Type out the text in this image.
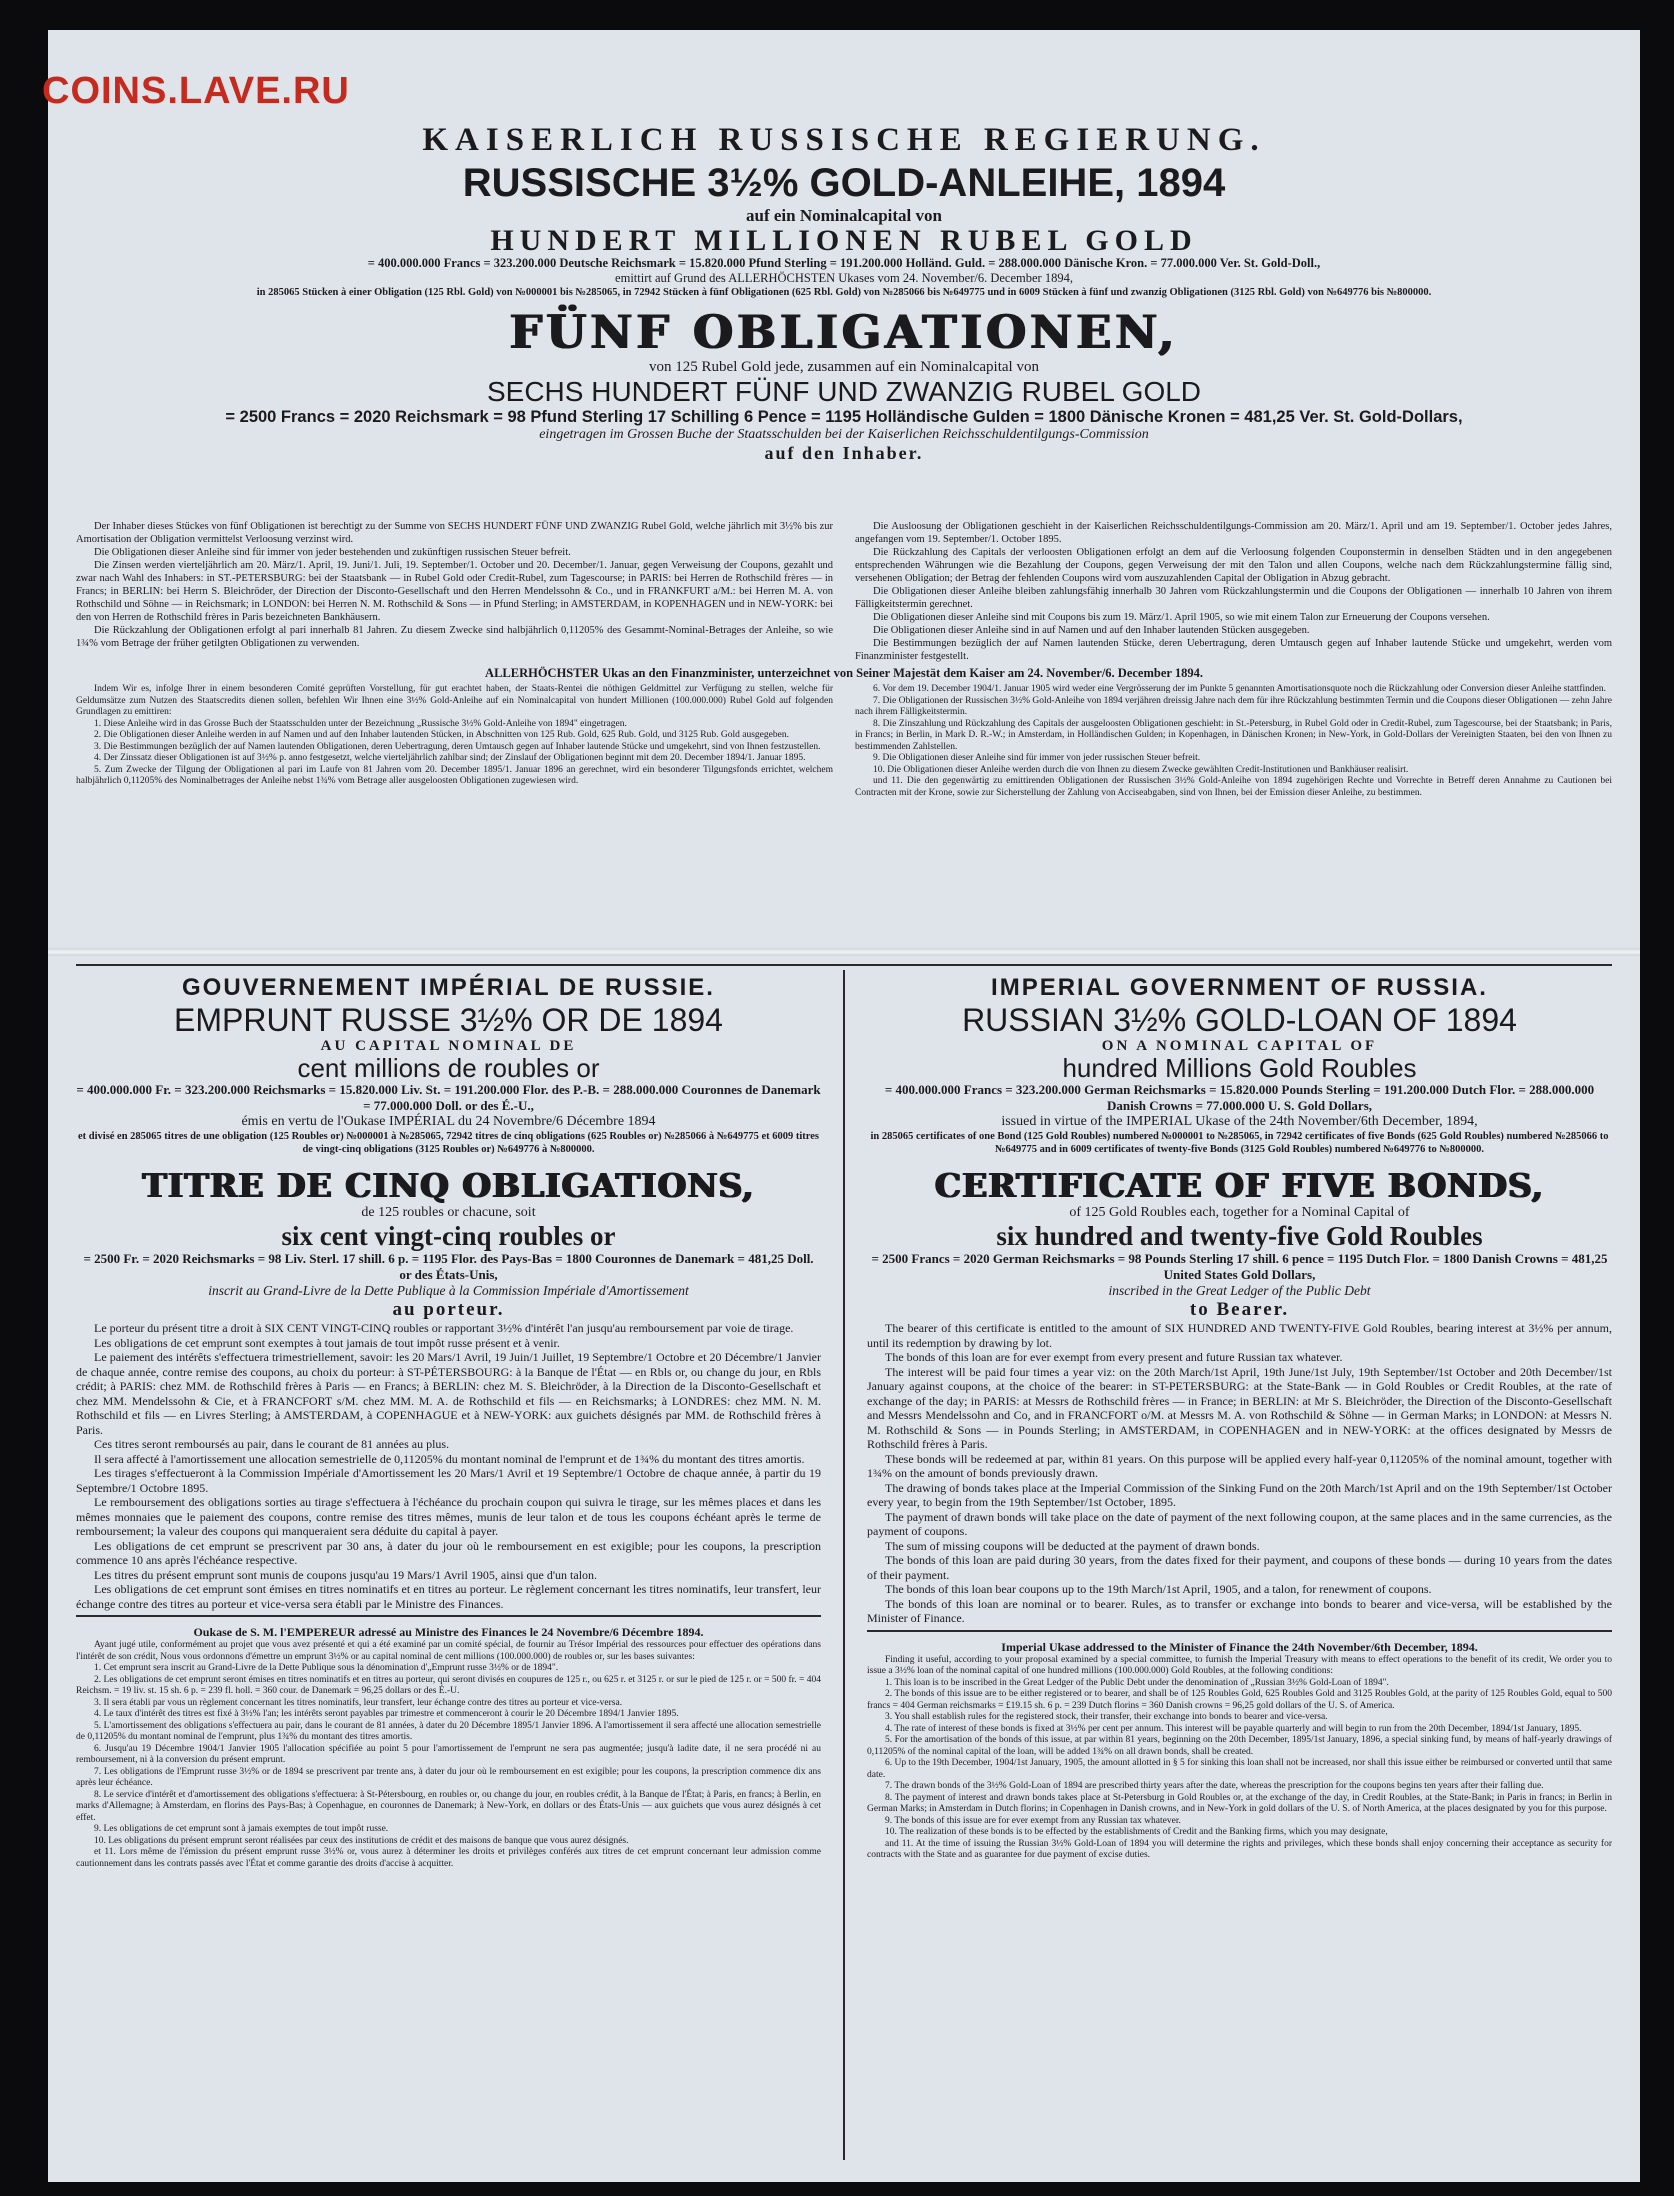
COINS.LAVE.RU
KAISERLICH RUSSISCHE REGIERUNG.
RUSSISCHE 3½% GOLD-ANLEIHE, 1894
auf ein Nominalcapital von
HUNDERT MILLIONEN RUBEL GOLD
= 400.000.000 Francs = 323.200.000 Deutsche Reichsmark = 15.820.000 Pfund Sterling = 191.200.000 Holländ. Guld. = 288.000.000 Dänische Kron. = 77.000.000 Ver. St. Gold-Doll.,
emittirt auf Grund des ALLERHÖCHSTEN Ukases vom 24. November/6. December 1894,
in 285065 Stücken à einer Obligation (125 Rbl. Gold) von №000001 bis №285065, in 72942 Stücken à fünf Obligationen (625 Rbl. Gold) von №285066 bis №649775 und in 6009 Stücken à fünf und zwanzig Obligationen (3125 Rbl. Gold) von №649776 bis №800000.
FÜNF OBLIGATIONEN,
von 125 Rubel Gold jede, zusammen auf ein Nominalcapital von
SECHS HUNDERT FÜNF UND ZWANZIG RUBEL GOLD
= 2500 Francs = 2020 Reichsmark = 98 Pfund Sterling 17 Schilling 6 Pence = 1195 Holländische Gulden = 1800 Dänische Kronen = 481,25 Ver. St. Gold-Dollars,
eingetragen im Grossen Buche der Staatsschulden bei der Kaiserlichen Reichsschuldentilgungs-Commission
auf den Inhaber.

Der Inhaber dieses Stückes von fünf Obligationen ist berechtigt zu der Summe von SECHS HUNDERT FÜNF UND ZWANZIG Rubel Gold, welche jährlich mit 3½% bis zur Amortisation der Obligation vermittelst Verloosung verzinst wird.

Die Obligationen dieser Anleihe sind für immer von jeder bestehenden und zukünftigen russischen Steuer befreit.

Die Zinsen werden vierteljährlich am 20. März/1. April, 19. Juni/1. Juli, 19. September/1. October und 20. December/1. Januar, gegen Verweisung der Coupons, gezahlt und zwar nach Wahl des Inhabers: in ST.-PETERSBURG: bei der Staatsbank — in Rubel Gold oder Credit-Rubel, zum Tagescourse; in PARIS: bei Herren de Rothschild frères — in Francs; in BERLIN: bei Herrn S. Bleichröder, der Direction der Disconto-Gesellschaft und den Herren Mendelssohn & Co., und in FRANKFURT a/M.: bei Herren M. A. von Rothschild und Söhne — in Reichsmark; in LONDON: bei Herren N. M. Rothschild & Sons — in Pfund Sterling; in AMSTERDAM, in KOPENHAGEN und in NEW-YORK: bei den von Herren de Rothschild frères in Paris bezeichneten Bankhäusern.

Die Rückzahlung der Obligationen erfolgt al pari innerhalb 81 Jahren. Zu diesem Zwecke sind halbjährlich 0,11205% des Gesammt-Nominal-Betrages der Anleihe, so wie 1¾% vom Betrage der früher getilgten Obligationen zu verwenden.

Die Ausloosung der Obligationen geschieht in der Kaiserlichen Reichsschuldentilgungs-Commission am 20. März/1. April und am 19. September/1. October jedes Jahres, angefangen vom 19. September/1. October 1895.

Die Rückzahlung des Capitals der verloosten Obligationen erfolgt an dem auf die Verloosung folgenden Couponstermin in denselben Städten und in den angegebenen entsprechenden Währungen wie die Bezahlung der Coupons, gegen Verweisung der mit den Talon und allen Coupons, welche nach dem Rückzahlungstermine fällig sind, versehenen Obligation; der Betrag der fehlenden Coupons wird vom auszuzahlenden Capital der Obligation in Abzug gebracht.

Die Obligationen dieser Anleihe bleiben zahlungsfähig innerhalb 30 Jahren vom Rückzahlungstermin und die Coupons der Obligationen — innerhalb 10 Jahren von ihrem Fälligkeitstermin gerechnet.

Die Obligationen dieser Anleihe sind mit Coupons bis zum 19. März/1. April 1905, so wie mit einem Talon zur Erneuerung der Coupons versehen.

Die Obligationen dieser Anleihe sind in auf Namen und auf den Inhaber lautenden Stücken ausgegeben.

Die Bestimmungen bezüglich der auf Namen lautenden Stücke, deren Uebertragung, deren Umtausch gegen auf Inhaber lautende Stücke und umgekehrt, werden vom Finanzminister festgestellt.

ALLERHÖCHSTER Ukas an den Finanzminister, unterzeichnet von Seiner Majestät dem Kaiser am 24. November/6. December 1894.

Indem Wir es, infolge Ihrer in einem besonderen Comité geprüften Vorstellung, für gut erachtet haben, der Staats-Rentei die nöthigen Geldmittel zur Verfügung zu stellen, welche für Geldumsätze zum Nutzen des Staatscredits dienen sollen, befehlen Wir Ihnen eine 3½% Gold-Anleihe auf ein Nominalcapital von hundert Millionen (100.000.000) Rubel Gold auf folgenden Grundlagen zu emittiren:

1. Diese Anleihe wird in das Grosse Buch der Staatsschulden unter der Bezeichnung „Russische 3½% Gold-Anleihe von 1894" eingetragen.

2. Die Obligationen dieser Anleihe werden in auf Namen und auf den Inhaber lautenden Stücken, in Abschnitten von 125 Rub. Gold, 625 Rub. Gold, und 3125 Rub. Gold ausgegeben.

3. Die Bestimmungen bezüglich der auf Namen lautenden Obligationen, deren Uebertragung, deren Umtausch gegen auf Inhaber lautende Stücke und umgekehrt, sind von Ihnen festzustellen.

4. Der Zinssatz dieser Obligationen ist auf 3½% p. anno festgesetzt, welche vierteljährlich zahlbar sind; der Zinslauf der Obligationen beginnt mit dem 20. December 1894/1. Januar 1895.

5. Zum Zwecke der Tilgung der Obligationen al pari im Laufe von 81 Jahren vom 20. December 1895/1. Januar 1896 an gerechnet, wird ein besonderer Tilgungsfonds errichtet, welchem halbjährlich 0,11205% des Nominalbetrages der Anleihe nebst 1¾% vom Betrage aller ausgeloosten Obligationen zugewiesen wird.

6. Vor dem 19. December 1904/1. Januar 1905 wird weder eine Vergrösserung der im Punkte 5 genannten Amortisationsquote noch die Rückzahlung oder Conversion dieser Anleihe stattfinden.

7. Die Obligationen der Russischen 3½% Gold-Anleihe von 1894 verjähren dreissig Jahre nach dem für ihre Rückzahlung bestimmten Termin und die Coupons dieser Obligationen — zehn Jahre nach ihrem Fälligkeitstermin.

8. Die Zinszahlung und Rückzahlung des Capitals der ausgeloosten Obligationen geschieht: in St.-Petersburg, in Rubel Gold oder in Credit-Rubel, zum Tagescourse, bei der Staatsbank; in Paris, in Francs; in Berlin, in Mark D. R.-W.; in Amsterdam, in Holländischen Gulden; in Kopenhagen, in Dänischen Kronen; in New-York, in Gold-Dollars der Vereinigten Staaten, bei den von Ihnen zu bestimmenden Zahlstellen.

9. Die Obligationen dieser Anleihe sind für immer von jeder russischen Steuer befreit.

10. Die Obligationen dieser Anleihe werden durch die von Ihnen zu diesem Zwecke gewählten Credit-Institutionen und Bankhäuser realisirt.

und 11. Die den gegenwärtig zu emittirenden Obligationen der Russischen 3½% Gold-Anleihe von 1894 zugehörigen Rechte und Vorrechte in Betreff deren Annahme zu Cautionen bei Contracten mit der Krone, sowie zur Sicherstellung der Zahlung von Acciseabgaben, sind von Ihnen, bei der Emission dieser Anleihe, zu bestimmen.

GOUVERNEMENT IMPÉRIAL DE RUSSIE.
EMPRUNT RUSSE 3½% OR DE 1894
AU CAPITAL NOMINAL DE
cent millions de roubles or
= 400.000.000 Fr. = 323.200.000 Reichsmarks = 15.820.000 Liv. St. = 191.200.000 Flor. des P.-B. = 288.000.000 Couronnes de Danemark = 77.000.000 Doll. or des É.-U.,
émis en vertu de l'Oukase IMPÉRIAL du 24 Novembre/6 Décembre 1894
et divisé en 285065 titres de une obligation (125 Roubles or) №000001 à №285065, 72942 titres de cinq obligations (625 Roubles or) №285066 à №649775 et 6009 titres de vingt-cinq obligations (3125 Roubles or) №649776 à №800000.
TITRE DE CINQ OBLIGATIONS,
de 125 roubles or chacune, soit
six cent vingt-cinq roubles or
= 2500 Fr. = 2020 Reichsmarks = 98 Liv. Sterl. 17 shill. 6 p. = 1195 Flor. des Pays-Bas = 1800 Couronnes de Danemark = 481,25 Doll. or des États-Unis,
inscrit au Grand-Livre de la Dette Publique à la Commission Impériale d'Amortissement
au porteur.

Le porteur du présent titre a droit à SIX CENT VINGT-CINQ roubles or rapportant 3½% d'intérêt l'an jusqu'au remboursement par voie de tirage.

Les obligations de cet emprunt sont exemptes à tout jamais de tout impôt russe présent et à venir.

Le paiement des intérêts s'effectuera trimestriellement, savoir: les 20 Mars/1 Avril, 19 Juin/1 Juillet, 19 Septembre/1 Octobre et 20 Décembre/1 Janvier de chaque année, contre remise des coupons, au choix du porteur: à ST-PÉTERSBOURG: à la Banque de l'État — en Rbls or, ou change du jour, en Rbls crédit; à PARIS: chez MM. de Rothschild frères à Paris — en Francs; à BERLIN: chez M. S. Bleichröder, à la Direction de la Disconto-Gesellschaft et chez MM. Mendelssohn & Cie, et à FRANCFORT s/M. chez MM. M. A. de Rothschild et fils — en Reichsmarks; à LONDRES: chez MM. N. M. Rothschild et fils — en Livres Sterling; à AMSTERDAM, à COPENHAGUE et à NEW-YORK: aux guichets désignés par MM. de Rothschild frères à Paris.

Ces titres seront remboursés au pair, dans le courant de 81 années au plus.

Il sera affecté à l'amortissement une allocation semestrielle de 0,11205% du montant nominal de l'emprunt et de 1¾% du montant des titres amortis.

Les tirages s'effectueront à la Commission Impériale d'Amortissement les 20 Mars/1 Avril et 19 Septembre/1 Octobre de chaque année, à partir du 19 Septembre/1 Octobre 1895.

Le remboursement des obligations sorties au tirage s'effectuera à l'échéance du prochain coupon qui suivra le tirage, sur les mêmes places et dans les mêmes monnaies que le paiement des coupons, contre remise des titres mêmes, munis de leur talon et de tous les coupons échéant après le terme de remboursement; la valeur des coupons qui manqueraient sera déduite du capital à payer.

Les obligations de cet emprunt se prescrivent par 30 ans, à dater du jour où le remboursement en est exigible; pour les coupons, la prescription commence 10 ans après l'échéance respective.

Les titres du présent emprunt sont munis de coupons jusqu'au 19 Mars/1 Avril 1905, ainsi que d'un talon.

Les obligations de cet emprunt sont émises en titres nominatifs et en titres au porteur. Le règlement concernant les titres nominatifs, leur transfert, leur échange contre des titres au porteur et vice-versa sera établi par le Ministre des Finances.

Oukase de S. M. l'EMPEREUR adressé au Ministre des Finances le 24 Novembre/6 Décembre 1894.

Ayant jugé utile, conformément au projet que vous avez présenté et qui a été examiné par un comité spécial, de fournir au Trésor Impérial des ressources pour effectuer des opérations dans l'intérêt de son crédit, Nous vous ordonnons d'émettre un emprunt 3½% or au capital nominal de cent millions (100.000.000) de roubles or, sur les bases suivantes:

1. Cet emprunt sera inscrit au Grand-Livre de la Dette Publique sous la dénomination d'„Emprunt russe 3½% or de 1894".

2. Les obligations de cet emprunt seront émises en titres nominatifs et en titres au porteur, qui seront divisés en coupures de 125 r., ou 625 r. et 3125 r. or sur le pied de 125 r. or = 500 fr. = 404 Reichsm. = 19 liv. st. 15 sh. 6 p. = 239 fl. holl. = 360 cour. de Danemark = 96,25 dollars or des É.-U.

3. Il sera établi par vous un règlement concernant les titres nominatifs, leur transfert, leur échange contre des titres au porteur et vice-versa.

4. Le taux d'intérêt des titres est fixé à 3½% l'an; les intérêts seront payables par trimestre et commenceront à courir le 20 Décembre 1894/1 Janvier 1895.

5. L'amortissement des obligations s'effectuera au pair, dans le courant de 81 années, à dater du 20 Décembre 1895/1 Janvier 1896. A l'amortissement il sera affecté une allocation semestrielle de 0,11205% du montant nominal de l'emprunt, plus 1¾% du montant des titres amortis.

6. Jusqu'au 19 Décembre 1904/1 Janvier 1905 l'allocation spécifiée au point 5 pour l'amortissement de l'emprunt ne sera pas augmentée; jusqu'à ladite date, il ne sera procédé ni au remboursement, ni à la conversion du présent emprunt.

7. Les obligations de l'Emprunt russe 3½% or de 1894 se prescrivent par trente ans, à dater du jour où le remboursement en est exigible; pour les coupons, la prescription commence dix ans après leur échéance.

8. Le service d'intérêt et d'amortissement des obligations s'effectuera: à St-Pétersbourg, en roubles or, ou change du jour, en roubles crédit, à la Banque de l'État; à Paris, en francs; à Berlin, en marks d'Allemagne; à Amsterdam, en florins des Pays-Bas; à Copenhague, en couronnes de Danemark; à New-York, en dollars or des États-Unis — aux guichets que vous aurez désignés à cet effet.

9. Les obligations de cet emprunt sont à jamais exemptes de tout impôt russe.

10. Les obligations du présent emprunt seront réalisées par ceux des institutions de crédit et des maisons de banque que vous aurez désignés.

et 11. Lors même de l'émission du présent emprunt russe 3½% or, vous aurez à déterminer les droits et privilèges conférés aux titres de cet emprunt concernant leur admission comme cautionnement dans les contrats passés avec l'État et comme garantie des droits d'accise à acquitter.

IMPERIAL GOVERNMENT OF RUSSIA.
RUSSIAN 3½% GOLD-LOAN OF 1894
ON A NOMINAL CAPITAL OF
hundred Millions Gold Roubles
= 400.000.000 Francs = 323.200.000 German Reichsmarks = 15.820.000 Pounds Sterling = 191.200.000 Dutch Flor. = 288.000.000 Danish Crowns = 77.000.000 U. S. Gold Dollars,
issued in virtue of the IMPERIAL Ukase of the 24th November/6th December, 1894,
in 285065 certificates of one Bond (125 Gold Roubles) numbered №000001 to №285065, in 72942 certificates of five Bonds (625 Gold Roubles) numbered №285066 to №649775 and in 6009 certificates of twenty-five Bonds (3125 Gold Roubles) numbered №649776 to №800000.
CERTIFICATE OF FIVE BONDS,
of 125 Gold Roubles each, together for a Nominal Capital of
six hundred and twenty-five Gold Roubles
= 2500 Francs = 2020 German Reichsmarks = 98 Pounds Sterling 17 shill. 6 pence = 1195 Dutch Flor. = 1800 Danish Crowns = 481,25 United States Gold Dollars,
inscribed in the Great Ledger of the Public Debt
to Bearer.

The bearer of this certificate is entitled to the amount of SIX HUNDRED AND TWENTY-FIVE Gold Roubles, bearing interest at 3½% per annum, until its redemption by drawing by lot.

The bonds of this loan are for ever exempt from every present and future Russian tax whatever.

The interest will be paid four times a year viz: on the 20th March/1st April, 19th June/1st July, 19th September/1st October and 20th December/1st January against coupons, at the choice of the bearer: in ST-PETERSBURG: at the State-Bank — in Gold Roubles or Credit Roubles, at the rate of exchange of the day; in PARIS: at Messrs de Rothschild frères — in France; in BERLIN: at Mr S. Bleichröder, the Direction of the Disconto-Gesellschaft and Messrs Mendelssohn and Co, and in FRANCFORT o/M. at Messrs M. A. von Rothschild & Söhne — in German Marks; in LONDON: at Messrs N. M. Rothschild & Sons — in Pounds Sterling; in AMSTERDAM, in COPENHAGEN and in NEW-YORK: at the offices designated by Messrs de Rothschild frères à Paris.

These bonds will be redeemed at par, within 81 years. On this purpose will be applied every half-year 0,11205% of the nominal amount, together with 1¾% on the amount of bonds previously drawn.

The drawing of bonds takes place at the Imperial Commission of the Sinking Fund on the 20th March/1st April and on the 19th September/1st October every year, to begin from the 19th September/1st October, 1895.

The payment of drawn bonds will take place on the date of payment of the next following coupon, at the same places and in the same currencies, as the payment of coupons.

The sum of missing coupons will be deducted at the payment of drawn bonds.

The bonds of this loan are paid during 30 years, from the dates fixed for their payment, and coupons of these bonds — during 10 years from the dates of their payment.

The bonds of this loan bear coupons up to the 19th March/1st April, 1905, and a talon, for renewment of coupons.

The bonds of this loan are nominal or to bearer. Rules, as to transfer or exchange into bonds to bearer and vice-versa, will be established by the Minister of Finance.

Imperial Ukase addressed to the Minister of Finance the 24th November/6th December, 1894.

Finding it useful, according to your proposal examined by a special committee, to furnish the Imperial Treasury with means to effect operations to the benefit of its credit, We order you to issue a 3½% loan of the nominal capital of one hundred millions (100.000.000) Gold Roubles, at the following conditions:

1. This loan is to be inscribed in the Great Ledger of the Public Debt under the denomination of „Russian 3½% Gold-Loan of 1894".

2. The bonds of this issue are to be either registered or to bearer, and shall be of 125 Roubles Gold, 625 Roubles Gold and 3125 Roubles Gold, at the parity of 125 Roubles Gold, equal to 500 francs = 404 German reichsmarks = £19.15 sh. 6 p. = 239 Dutch florins = 360 Danish crowns = 96,25 gold dollars of the U. S. of America.

3. You shall establish rules for the registered stock, their transfer, their exchange into bonds to bearer and vice-versa.

4. The rate of interest of these bonds is fixed at 3½% per cent per annum. This interest will be payable quarterly and will begin to run from the 20th December, 1894/1st January, 1895.

5. For the amortisation of the bonds of this issue, at par within 81 years, beginning on the 20th December, 1895/1st January, 1896, a special sinking fund, by means of half-yearly drawings of 0,11205% of the nominal capital of the loan, will be added 1¾% on all drawn bonds, shall be created.

6. Up to the 19th December, 1904/1st January, 1905, the amount allotted in § 5 for sinking this loan shall not be increased, nor shall this issue either be reimbursed or converted until that same date.

7. The drawn bonds of the 3½% Gold-Loan of 1894 are prescribed thirty years after the date, whereas the prescription for the coupons begins ten years after their falling due.

8. The payment of interest and drawn bonds takes place at St-Petersburg in Gold Roubles or, at the exchange of the day, in Credit Roubles, at the State-Bank; in Paris in francs; in Berlin in German Marks; in Amsterdam in Dutch florins; in Copenhagen in Danish crowns, and in New-York in gold dollars of the U. S. of North America, at the places designated by you for this purpose.

9. The bonds of this issue are for ever exempt from any Russian tax whatever.

10. The realization of these bonds is to be effected by the establishments of Credit and the Banking firms, which you may designate,

and 11. At the time of issuing the Russian 3½% Gold-Loan of 1894 you will determine the rights and privileges, which these bonds shall enjoy concerning their acceptance as security for contracts with the State and as guarantee for due payment of excise duties.
